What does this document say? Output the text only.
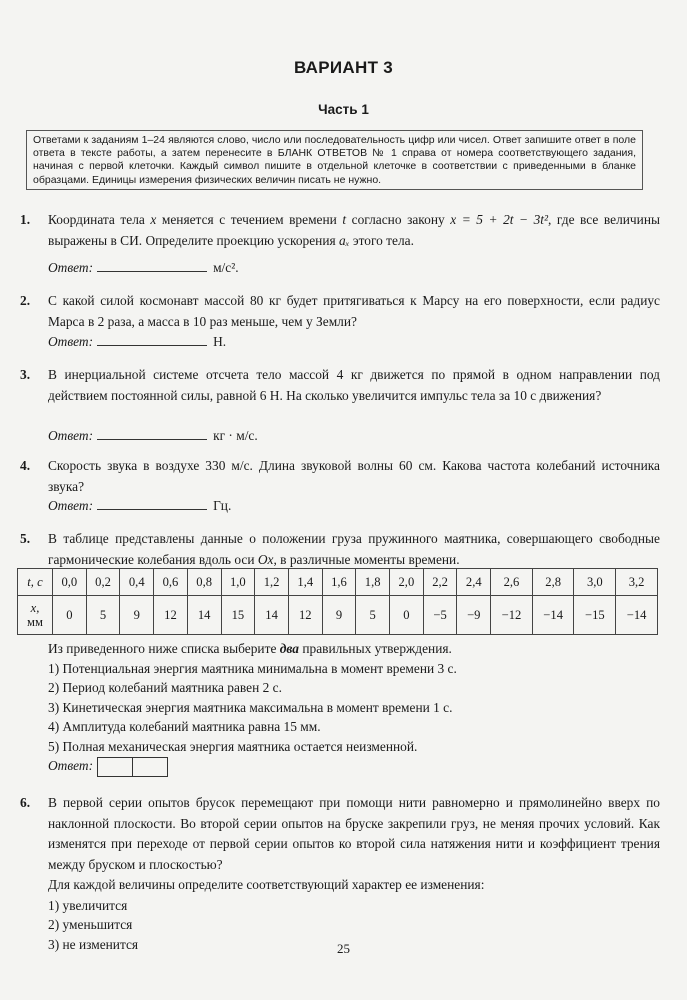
ВАРИАНТ 3
Часть 1
Ответами к заданиям 1–24 являются слово, число или последовательность цифр или чисел. Ответ запишите ответ в поле ответа в тексте работы, а затем перенесите в БЛАНК ОТВЕТОВ № 1 справа от номера соответствующего задания, начиная с первой клеточки. Каждый символ пишите в отдельной клеточке в соответствии с приведенными в бланке образцами. Единицы измерения физических величин писать не нужно.
1. Координата тела x меняется с течением времени t согласно закону x = 5 + 2t − 3t², где все величины выражены в СИ. Определите проекцию ускорения aₓ этого тела.
Ответ:	м/с².
2. С какой силой космонавт массой 80 кг будет притягиваться к Марсу на его поверхности, если радиус Марса в 2 раза, а масса в 10 раз меньше, чем у Земли?
Ответ:	Н.
3. В инерциальной системе отсчета тело массой 4 кг движется по прямой в одном направлении под действием постоянной силы, равной 6 Н. На сколько увеличится импульс тела за 10 с движения?
Ответ:	кг · м/с.
4. Скорость звука в воздухе 330 м/с. Длина звуковой волны 60 см. Какова частота колебаний источника звука?
Ответ:	Гц.
5. В таблице представлены данные о положении груза пружинного маятника, совершающего свободные гармонические колебания вдоль оси Ox, в различные моменты времени.
t, с	0,0	0,2	0,4	0,6	0,8	1,0	1,2	1,4	1,6	1,8	2,0	2,2	2,4	2,6	2,8	3,0	3,2
x,
мм	0	5	9	12	14	15	14	12	9	5	0	−5	−9	−12	−14	−15	−14
Из приведенного ниже списка выберите два правильных утверждения.
1) Потенциальная энергия маятника минимальна в момент времени 3 с.
2) Период колебаний маятника равен 2 с.
3) Кинетическая энергия маятника максимальна в момент времени 1 с.
4) Амплитуда колебаний маятника равна 15 мм.
5) Полная механическая энергия маятника остается неизменной.
Ответ:
6. В первой серии опытов брусок перемещают при помощи нити равномерно и прямолинейно вверх по наклонной плоскости. Во второй серии опытов на бруске закрепили груз, не меняя прочих условий. Как изменятся при переходе от первой серии опытов ко второй сила натяжения нити и коэффициент трения между бруском и плоскостью?
Для каждой величины определите соответствующий характер ее изменения:
1) увеличится
2) уменьшится
3) не изменится	25
